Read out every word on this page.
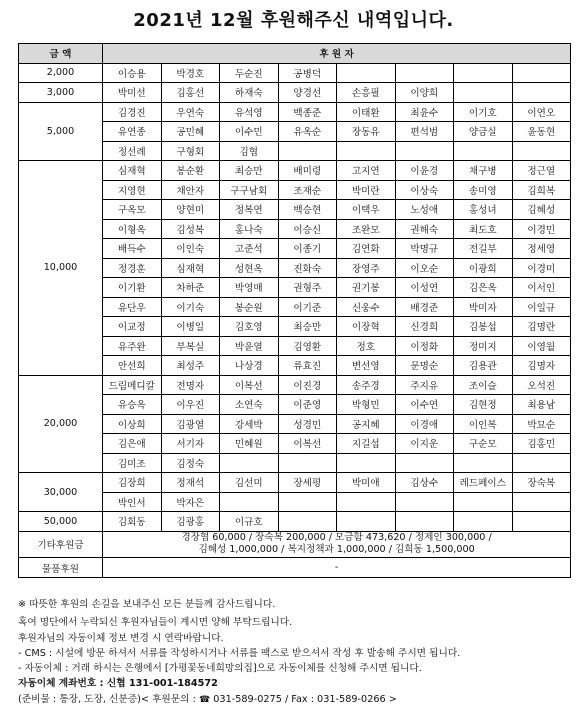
2021년 12월 후원해주신 내역입니다.
금 액	후 원 자							
2,000	이승용	박경호	두순진	공병덕				
3,000	박미선	김홍선	하재숙	양경선	손흥필	이양희		
5,000	김경진	우연숙	유석영	백종준	이태환	최윤수	이기호	이연오
	유연종	공민혜	이수민	유옥순	장동유	편석범	양금실	윤동현
	정선례	구형회	김협					
10,000	심재혁	봉순환	최승만	배미령	고지연	이윤경	채구병	정근열
	지영현	채안자	구구남회	조재순	박미란	이상숙	송미영	김희복
	구옥모	양현미	정복연	백승현	이택우	노성애	홍성녀	김혜성
	이형옥	김성복	홍나숙	이승신	조완모	권해숙	최도호	이경민
	배득수	이인숙	고준석	이종기	김연화	박명규	전길부	정세영
	정경훈	심재혁	성현옥	진화숙	장영주	이오순	이광희	이경미
	이기환	차하준	박영매	권형주	권기봉	이성연	김은옥	이서인
	유단우	이기숙	봉순원	이기준	신웅수	배경준	박미자	이일규
	이교정	이병일	김호영	최승만	이장혁	신경희	김봉섭	김명란
	유주완	부복실	박윤열	김영환	정호	이정화	정미지	이영월
	안선희	최성주	나상경	류효진	변선영	문명순	김용관	김명자
20,000	드림메디칼	전명자	이복선	이진경	송주경	주지유	조이슬	오석진
	유승옥	이우진	소연숙	이준영	박형민	이수연	김현정	최용남
	이상희	김광열	강세박	성경민	공지혜	이경애	이인복	박묘순
	김은애	서기자	민혜원	이복선	지길섭	이지운	구순모	김홍민
	김미조	김정숙						
30,000	김장희	정재석	김선미	장세평	박미애	김상수	레드페이스	장숙복
	박인서	박자은						
50,000	김회동	김광홍	이규호					
기타후원금	경장협 60,000 / 장숙복 200,000 / 모금함 473,620 / 정제인 300,000 /
김혜성 1,000,000 / 복지정책과 1,000,000 / 김희동 1,500,000							
물품후원	-							

※ 따뜻한 후원의 손길을 보내주신 모든 분들께 감사드립니다.

혹여 명단에서 누락되신 후원자님들이 계시면 양해 부탁드립니다.

후원자님의 자동이체 정보 변경 시 연락바랍니다.

- CMS : 시설에 방문 하셔서 서류를 작성하시거나 서류를 팩스로 받으셔서 작성 후 발송해 주시면 됩니다.

- 자동이체 : 거래 하시는 은행에서 [가평꽃동네희망의집]으로 자동이체를 신청해 주시면 됩니다.

자동이체 계좌번호 : 신협 131-001-184572

(준비물 : 통장, 도장, 신분증)< 후원문의 : ☎ 031-589-0275 / Fax : 031-589-0266 >
